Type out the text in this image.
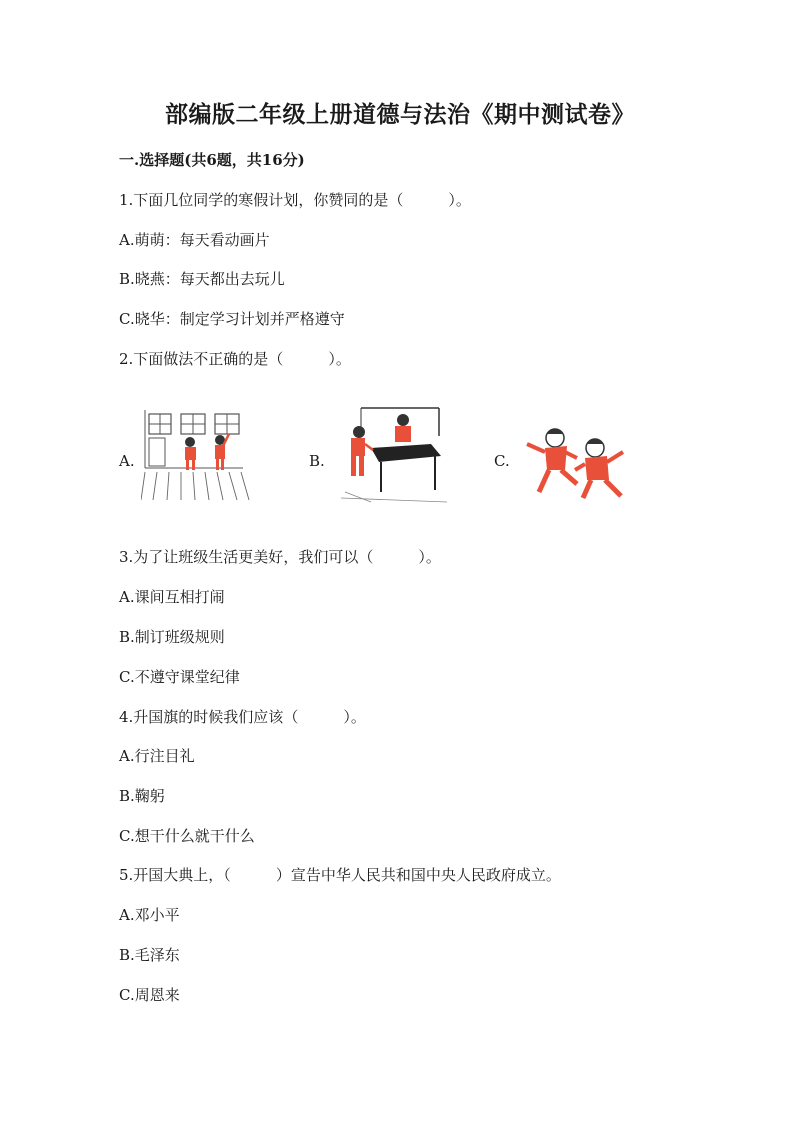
部编版二年级上册道德与法治《期中测试卷》
一.选择题(共6题，共16分)
1.下面几位同学的寒假计划，你赞同的是（　　　）。
A.萌萌：每天看动画片
B.晓燕：每天都出去玩儿
C.晓华：制定学习计划并严格遵守
2.下面做法不正确的是（　　　）。
A.	B.	C.
3.为了让班级生活更美好，我们可以（　　　）。
A.课间互相打闹
B.制订班级规则
C.不遵守课堂纪律
4.升国旗的时候我们应该（　　　）。
A.行注目礼
B.鞠躬
C.想干什么就干什么
5.开国大典上，（　　　）宣告中华人民共和国中央人民政府成立。
A.邓小平
B.毛泽东
C.周恩来
